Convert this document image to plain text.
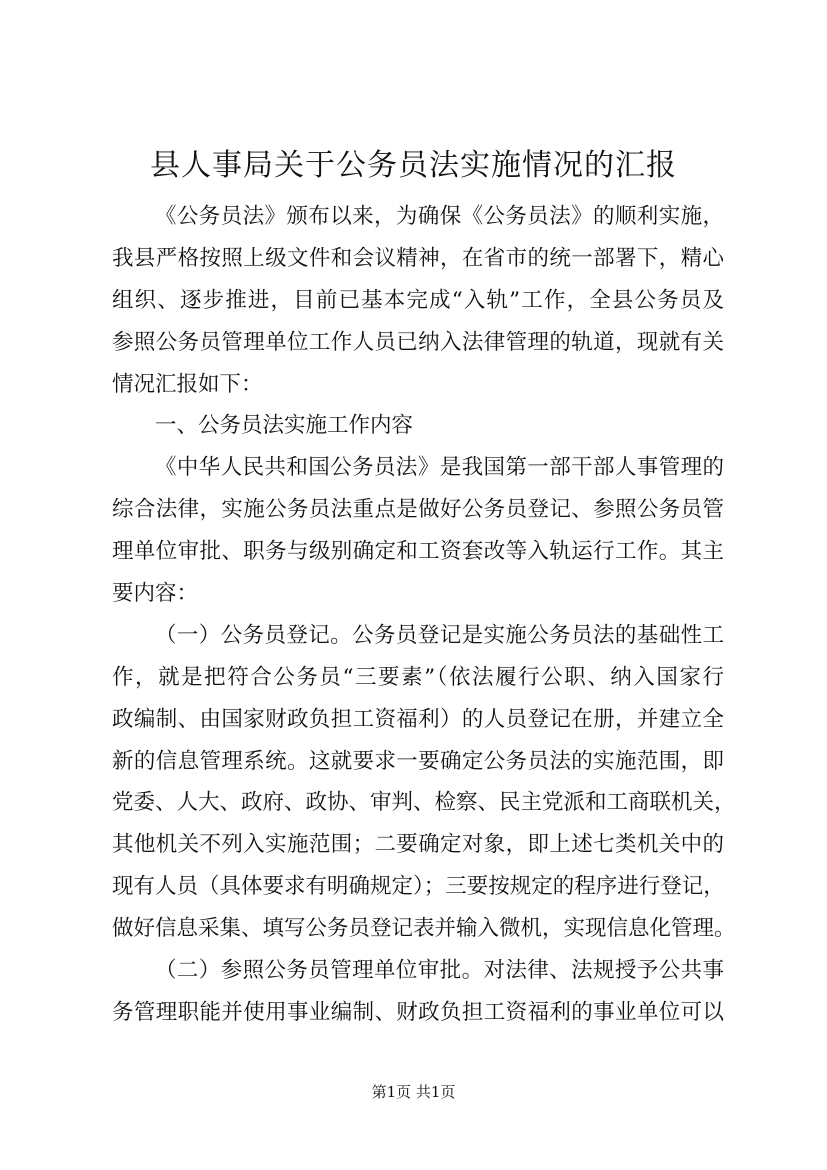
县人事局关于公务员法实施情况的汇报
《公务员法》颁布以来，为确保《公务员法》的顺利实施，
我县严格按照上级文件和会议精神，在省市的统一部署下，精心
组织、逐步推进，目前已基本完成“入轨”工作，全县公务员及
参照公务员管理单位工作人员已纳入法律管理的轨道，现就有关
情况汇报如下：
一、公务员法实施工作内容
《中华人民共和国公务员法》是我国第一部干部人事管理的
综合法律，实施公务员法重点是做好公务员登记、参照公务员管
理单位审批、职务与级别确定和工资套改等入轨运行工作。其主
要内容：
（一）公务员登记。公务员登记是实施公务员法的基础性工
作，就是把符合公务员“三要素”（依法履行公职、纳入国家行
政编制、由国家财政负担工资福利）的人员登记在册，并建立全
新的信息管理系统。这就要求一要确定公务员法的实施范围，即
党委、人大、政府、政协、审判、检察、民主党派和工商联机关，
其他机关不列入实施范围；二要确定对象，即上述七类机关中的
现有人员（具体要求有明确规定）；三要按规定的程序进行登记，
做好信息采集、填写公务员登记表并输入微机，实现信息化管理。
（二）参照公务员管理单位审批。对法律、法规授予公共事
务管理职能并使用事业编制、财政负担工资福利的事业单位可以
第1页 共1页
